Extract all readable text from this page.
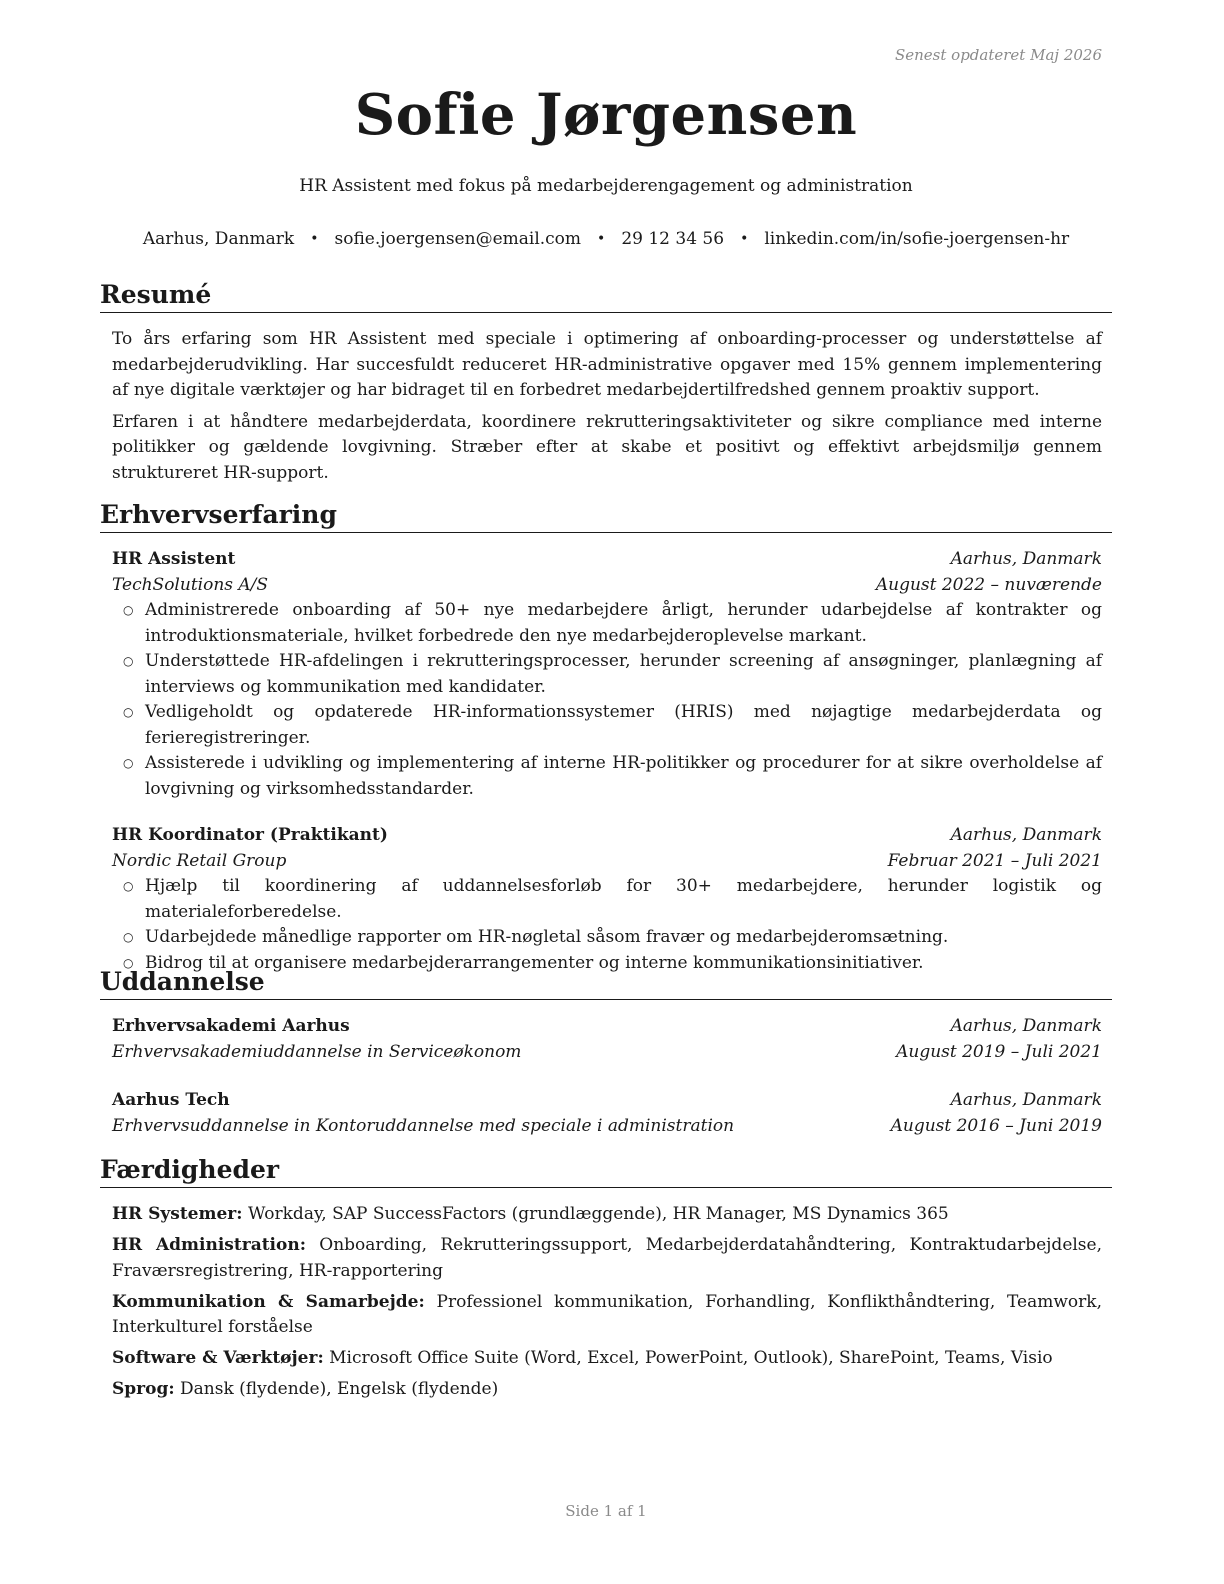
Senest opdateret Maj 2026
Sofie Jørgensen
HR Assistent med fokus på medarbejderengagement og administration
Aarhus, Danmark • sofie.joergensen@email.com • 29 12 34 56 • linkedin.com/in/sofie-joergensen-hr
Resumé

To års erfaring som HR Assistent med speciale i optimering af onboarding-processer og understøttelse af medarbejderudvikling. Har succesfuldt reduceret HR-administrative opgaver med 15% gennem implementering af nye digitale værktøjer og har bidraget til en forbedret medarbejdertilfredshed gennem proaktiv support.

Erfaren i at håndtere medarbejderdata, koordinere rekrutteringsaktiviteter og sikre compliance med interne politikker og gældende lovgivning. Stræber efter at skabe et positivt og effektivt arbejdsmiljø gennem struktureret HR-support.

Erhvervserfaring
HR Assistent	Aarhus, Danmark
TechSolutions A/S	August 2022 – nuværende
○ Administrerede onboarding af 50+ nye medarbejdere årligt, herunder udarbejdelse af kontrakter og introduktionsmateriale, hvilket forbedrede den nye medarbejderoplevelse markant.
○ Understøttede HR-afdelingen i rekrutteringsprocesser, herunder screening af ansøgninger, planlægning af interviews og kommunikation med kandidater.
○ Vedligeholdt og opdaterede HR-informationssystemer (HRIS) med nøjagtige medarbejderdata og ferieregistreringer.
○ Assisterede i udvikling og implementering af interne HR-politikker og procedurer for at sikre overholdelse af lovgivning og virksomhedsstandarder.
HR Koordinator (Praktikant)	Aarhus, Danmark
Nordic Retail Group	Februar 2021 – Juli 2021
○ Hjælp til koordinering af uddannelsesforløb for 30+ medarbejdere, herunder logistik og materialeforberedelse.
○ Udarbejdede månedlige rapporter om HR-nøgletal såsom fravær og medarbejderomsætning.
○ Bidrog til at organisere medarbejderarrangementer og interne kommunikationsinitiativer.
Uddannelse
Erhvervsakademi Aarhus	Aarhus, Danmark
Erhvervsakademiuddannelse in Serviceøkonom	August 2019 – Juli 2021
Aarhus Tech	Aarhus, Danmark
Erhvervsuddannelse in Kontoruddannelse med speciale i administration	August 2016 – Juni 2019
Færdigheder
HR Systemer: Workday, SAP SuccessFactors (grundlæggende), HR Manager, MS Dynamics 365
HR Administration: Onboarding, Rekrutteringssupport, Medarbejderdatahåndtering, Kontraktudarbejdelse, Fraværsregistrering, HR-rapportering
Kommunikation & Samarbejde: Professionel kommunikation, Forhandling, Konflikthåndtering, Teamwork, Interkulturel forståelse
Software & Værktøjer: Microsoft Office Suite (Word, Excel, PowerPoint, Outlook), SharePoint, Teams, Visio
Sprog: Dansk (flydende), Engelsk (flydende)
Side 1 af 1
